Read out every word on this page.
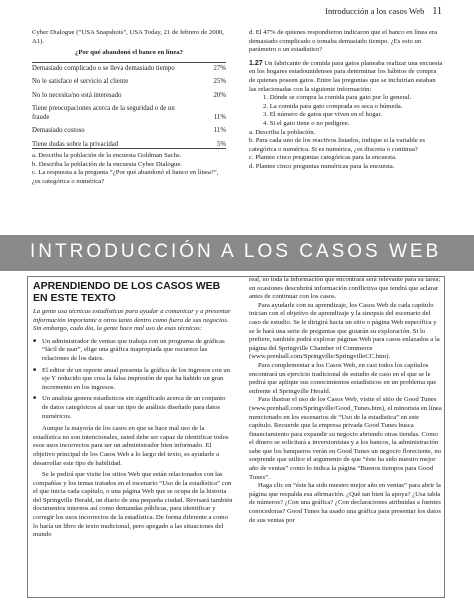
Introducción a los casos Web 11
Cyber Dialogue (“USA Snapshots”, USA Today, 21 de febrero de 2000, A1).
¿Por qué abandonó el banco en línea?
Demasiado complicado o se lleva demasiado tiempo	27%
No le satisface el servicio al cliente	25%
No lo necesita/no está interesado	20%
Tiene preocupaciones acerca de la seguridad o de un fraude	11%
Demasiado costoso	11%
Tiene dudas sobre la privacidad	5%
a. Describa la población de la encuesta Goldman Sachs.
b. Describa la población de la encuesta Cyber Dialogue.
c. La respuesta a la pregunta “¿Por qué abandonó el banco en línea?”, ¿es categórica o numérica?
d. El 47% de quienes respondieron indicaron que el banco en línea era demasiado complicado o tomaba demasiado tiempo. ¿Es esto un parámetro o un estadístico?
1.27 Un fabricante de comida para gatos planeaba realizar una encuesta en los hogares estadounidenses para determinar los hábitos de compra de quienes poseen gatos. Entre las preguntas que se incluirían estaban las relacionadas con la siguiente información:
1. Dónde se compra la comida para gato por lo general.
2. La comida para gato comprada es seca o húmeda.
3. El número de gatos que viven en el hogar.
4. Si el gato tiene o no pedigree.
a. Describa la población.
b. Para cada uno de los reactivos listados, indique si la variable es categórica o numérica. Si es numérica, ¿es discreta o continua?
c. Plantee cinco preguntas categóricas para la encuesta.
d. Plantee cinco preguntas numéricas para la encuesta.
INTRODUCCIÓN A LOS CASOS WEB
APRENDIENDO DE LOS CASOS WEB
EN ESTE TEXTO
La gente usa técnicas estadísticas para ayudar a comunicar y a presentar información importante a otros tanto dentro como fuera de sus negocios. Sin embargo, cada día, la gente hace mal uso de esas técnicas:
■ Un administrador de ventas que trabaja con un programa de gráficas “fácil de usar”, elige una gráfica inapropiada que oscurece las relaciones de los datos.
■ El editor de un reporte anual presenta la gráfica de los ingresos con un eje Y reducido que crea la falsa impresión de que ha habido un gran incremento en los ingresos.
■ Un analista genera estadísticos sin significado acerca de un conjunto de datos categóricos al usar un tipo de análisis diseñado para datos numéricos.
Aunque la mayoría de los casos en que se hace mal uso de la estadística no son intencionales, usted debe ser capaz de identificar todos esos usos incorrectos para ser un administrador bien informado. El objetivo principal de los Casos Web a lo largo del texto, es ayudarle a desarrollar este tipo de habilidad.
Se le pedirá que visite los sitios Web que están relacionados con las compañías y los temas tratados en el escenario “Uso de la estadística” con el que inicia cada capítulo, o una página Web que se ocupa de la historia del Springville Herald, un diario de una pequeña ciudad. Revisará también documentos internos así como demandas públicas, para identificar y corregir los usos incorrectos de la estadística. De forma diferente a como lo haría un libro de texto tradicional, pero apegado a las situaciones del mundo
real, no toda la información que encontrará será relevante para su tarea; en ocasiones descubrirá información conflictiva que tendrá que aclarar antes de continuar con los casos.
Para ayudarle con su aprendizaje, los Casos Web de cada capítulo inician con el objetivo de aprendizaje y la sinopsis del escenario del caso de estudio. Se le dirigirá hacia un sitio o página Web específica y se le hará una serie de preguntas que guiarán su exploración. Si lo prefiere, también podrá explorar páginas Web para casos enlazados a la página del Springville Chamber of Commerce (www.prenhall.com/Springville/SpringvilleCC.htm).
Para complementar a los Casos Web, en casi todos los capítulos encontrará un ejercicio tradicional de estudio de caso en el que se le pedirá que aplique sus conocimientos estadísticos en un problema que enfrente el Springville Herald.
Para ilustrar el uso de los Casos Web, visite el sitio de Good Tunes (www.prenhall.com/Springville/Good_Tunes.htm), el minorista en línea mencionado en los escenarios de “Uso de la estadística” en este capítulo. Recuerde que la empresa privada Good Tunes busca financiamiento para expandir su negocio abriendo otras tiendas. Como el dinero se solicitará a inversionistas y a los bancos, la administración sabe que los banqueros verán en Good Tunes un negocio floreciente, no sorprende que utilice el argumento de que “éste ha sido nuestro mejor año de ventas” como lo indica la página “Buenos tiempos para Good Tunes”.
Haga clic en “éste ha sido nuestro mejor año en ventas” para abrir la página que respalda esa afirmación. ¿Qué tan bien la apoya? ¿Usa tabla de números? ¿Con una gráfica? ¿Con declaraciones atribuidas a fuentes conocedoras? Good Tunes ha usado una gráfica para presentar los datos de sus ventas por
